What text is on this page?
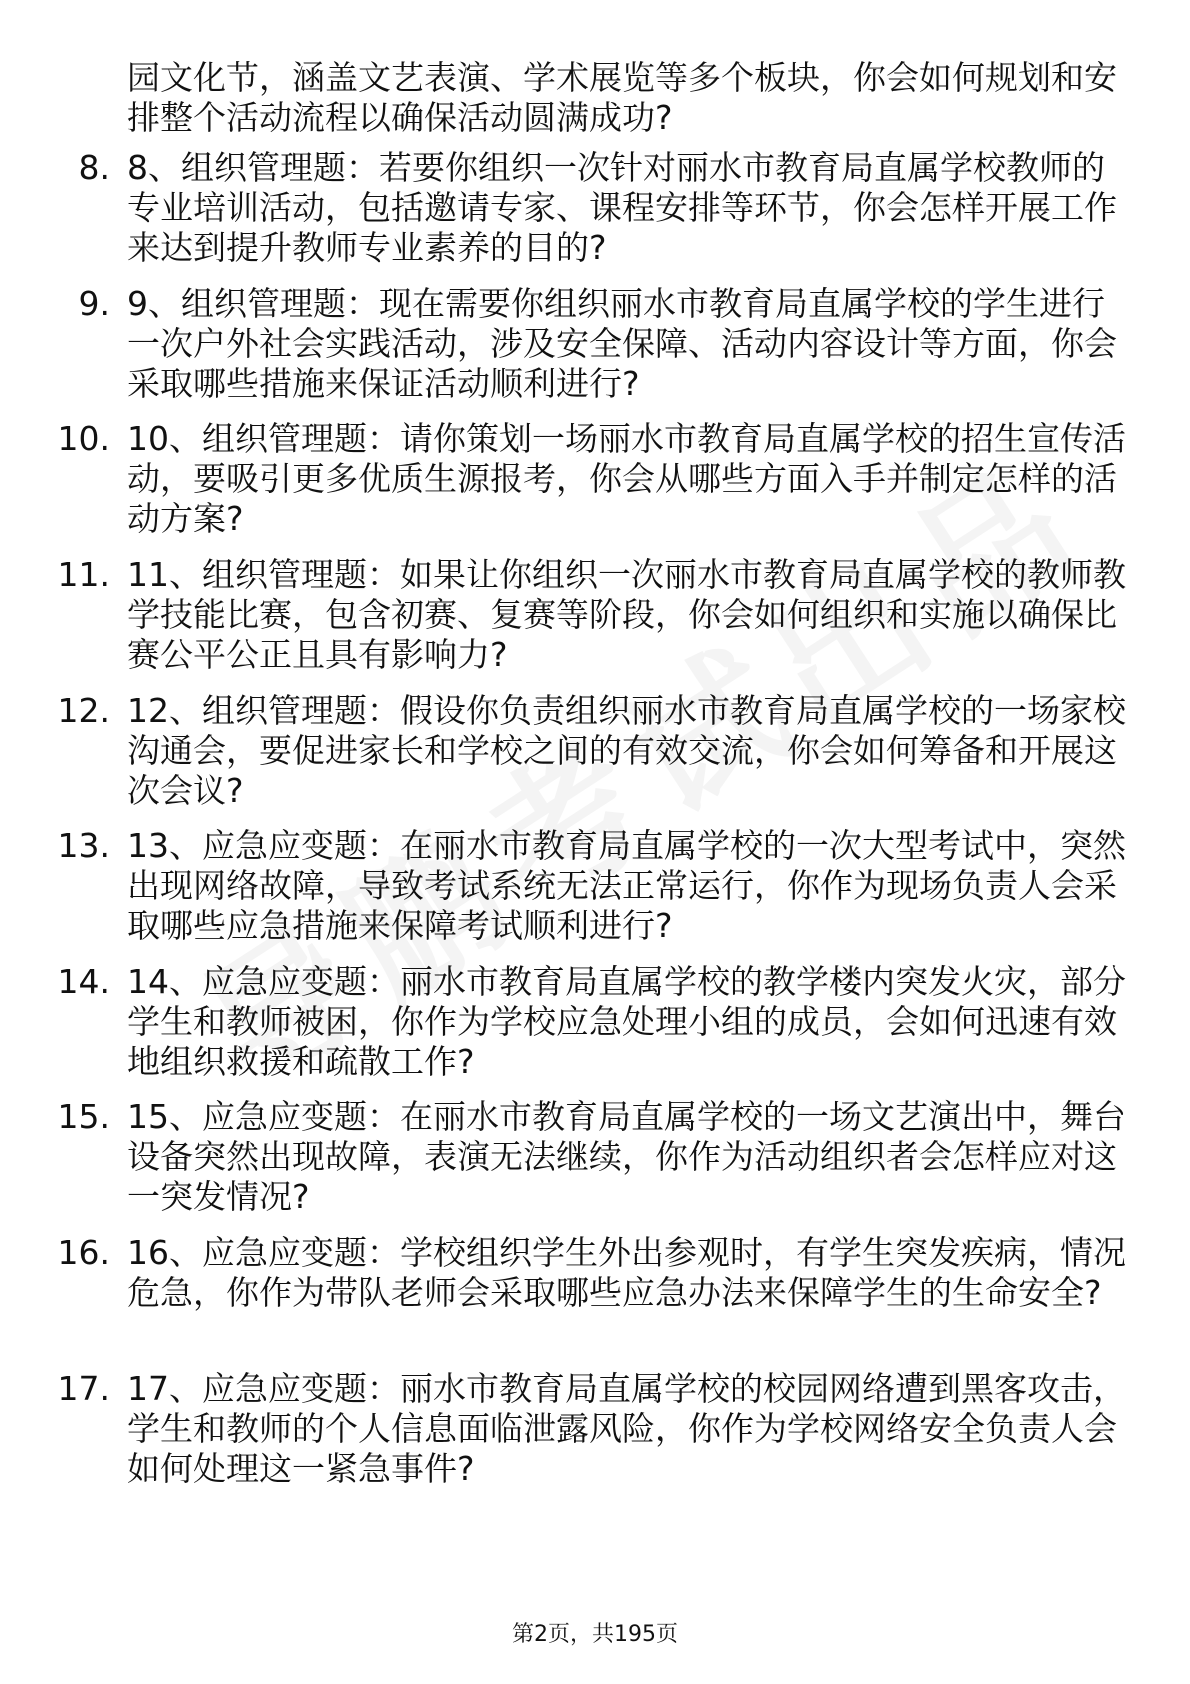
园文化节，涵盖文艺表演、学术展览等多个板块，你会如何规划和安排整个活动流程以确保活动圆满成功?
8. 8、组织管理题：若要你组织一次针对丽水市教育局直属学校教师的专业培训活动，包括邀请专家、课程安排等环节，你会怎样开展工作来达到提升教师专业素养的目的?
9. 9、组织管理题：现在需要你组织丽水市教育局直属学校的学生进行一次户外社会实践活动，涉及安全保障、活动内容设计等方面，你会采取哪些措施来保证活动顺利进行?
10. 10、组织管理题：请你策划一场丽水市教育局直属学校的招生宣传活动，要吸引更多优质生源报考，你会从哪些方面入手并制定怎样的活动方案?
11. 11、组织管理题：如果让你组织一次丽水市教育局直属学校的教师教学技能比赛，包含初赛、复赛等阶段，你会如何组织和实施以确保比赛公平公正且具有影响力?
12. 12、组织管理题：假设你负责组织丽水市教育局直属学校的一场家校沟通会，要促进家长和学校之间的有效交流，你会如何筹备和开展这次会议?
13. 13、应急应变题：在丽水市教育局直属学校的一次大型考试中，突然出现网络故障，导致考试系统无法正常运行，你作为现场负责人会采取哪些应急措施来保障考试顺利进行?
14. 14、应急应变题：丽水市教育局直属学校的教学楼内突发火灾，部分学生和教师被困，你作为学校应急处理小组的成员，会如何迅速有效地组织救援和疏散工作?
15. 15、应急应变题：在丽水市教育局直属学校的一场文艺演出中，舞台设备突然出现故障，表演无法继续，你作为活动组织者会怎样应对这一突发情况?
16. 16、应急应变题：学校组织学生外出参观时，有学生突发疾病，情况危急，你作为带队老师会采取哪些应急办法来保障学生的生命安全?
17. 17、应急应变题：丽水市教育局直属学校的校园网络遭到黑客攻击，学生和教师的个人信息面临泄露风险，你作为学校网络安全负责人会如何处理这一紧急事件?
第2页，共195页
